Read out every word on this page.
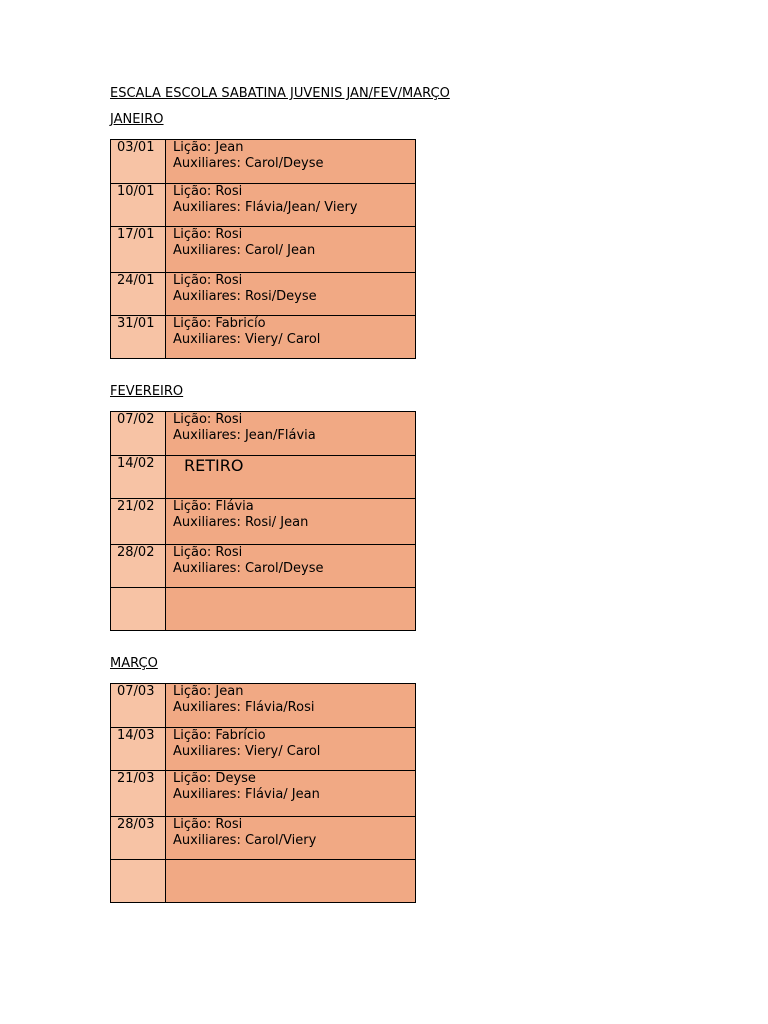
ESCALA ESCOLA SABATINA JUVENIS JAN/FEV/MARÇO
JANEIRO
03/01	Lição: Jean
Auxiliares: Carol/Deyse

10/01	Lição: Rosi
Auxiliares: Flávia/Jean/ Viery

17/01	Lição: Rosi
Auxiliares: Carol/ Jean

24/01	Lição: Rosi
Auxiliares: Rosi/Deyse

31/01	Lição: Fabricío
Auxiliares: Viery/ Carol
FEVEREIRO
07/02	Lição: Rosi
Auxiliares: Jean/Flávia

14/02	RETIRO

21/02	Lição: Flávia
Auxiliares: Rosi/ Jean

28/02	Lição: Rosi
Auxiliares: Carol/Deyse

MARÇO
07/03	Lição: Jean
Auxiliares: Flávia/Rosi

14/03	Lição: Fabrício
Auxiliares: Viery/ Carol

21/03	Lição: Deyse
Auxiliares: Flávia/ Jean

28/03	Lição: Rosi
Auxiliares: Carol/Viery
